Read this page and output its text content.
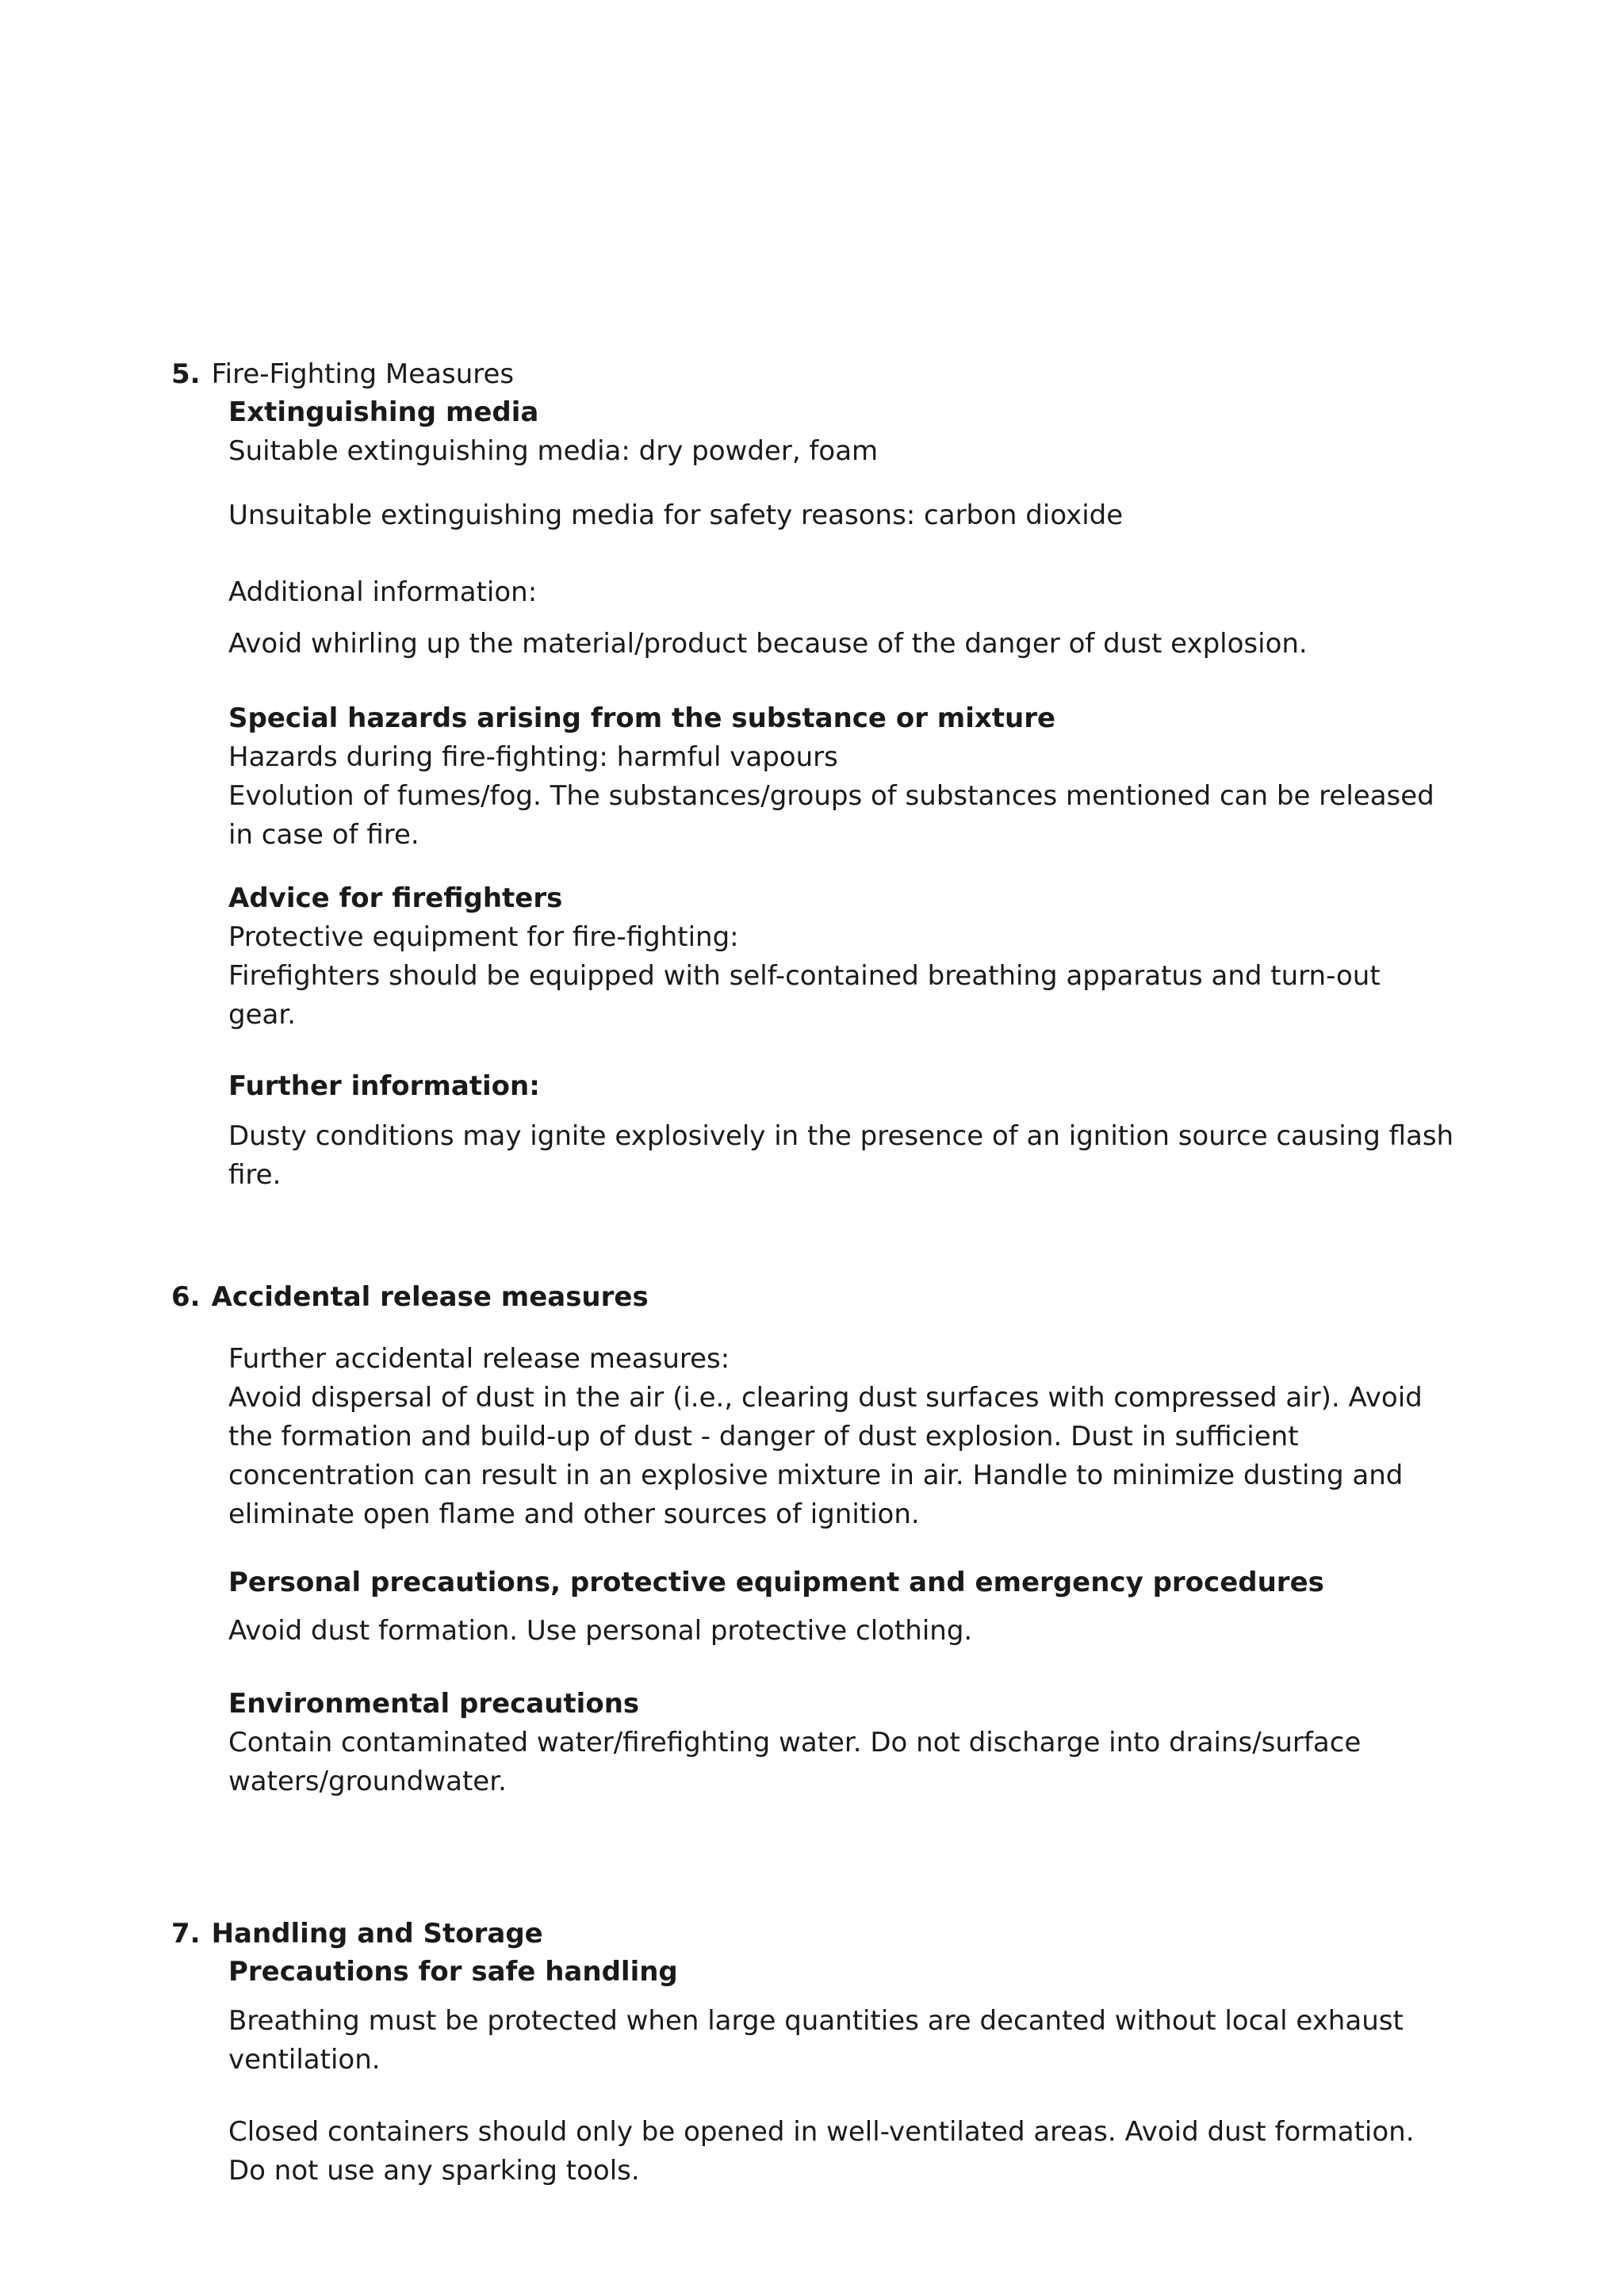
5. Fire-Fighting Measures

Extinguishing media

Suitable extinguishing media: dry powder, foam

Unsuitable extinguishing media for safety reasons: carbon dioxide

Additional information:

Avoid whirling up the material/product because of the danger of dust explosion.

Special hazards arising from the substance or mixture

Hazards during fire-fighting: harmful vapours

Evolution of fumes/fog. The substances/groups of substances mentioned can be released in case of fire.

Advice for firefighters

Protective equipment for fire-fighting:

Firefighters should be equipped with self-contained breathing apparatus and turn-out gear.

Further information:

Dusty conditions may ignite explosively in the presence of an ignition source causing flash fire.

6. Accidental release measures

Further accidental release measures:

Avoid dispersal of dust in the air (i.e., clearing dust surfaces with compressed air). Avoid the formation and build-up of dust - danger of dust explosion. Dust in sufficient concentration can result in an explosive mixture in air. Handle to minimize dusting and eliminate open flame and other sources of ignition.

Personal precautions, protective equipment and emergency procedures

Avoid dust formation. Use personal protective clothing.

Environmental precautions

Contain contaminated water/firefighting water. Do not discharge into drains/surface waters/groundwater.

7. Handling and Storage

Precautions for safe handling

Breathing must be protected when large quantities are decanted without local exhaust ventilation.

Closed containers should only be opened in well-ventilated areas. Avoid dust formation. Do not use any sparking tools.
